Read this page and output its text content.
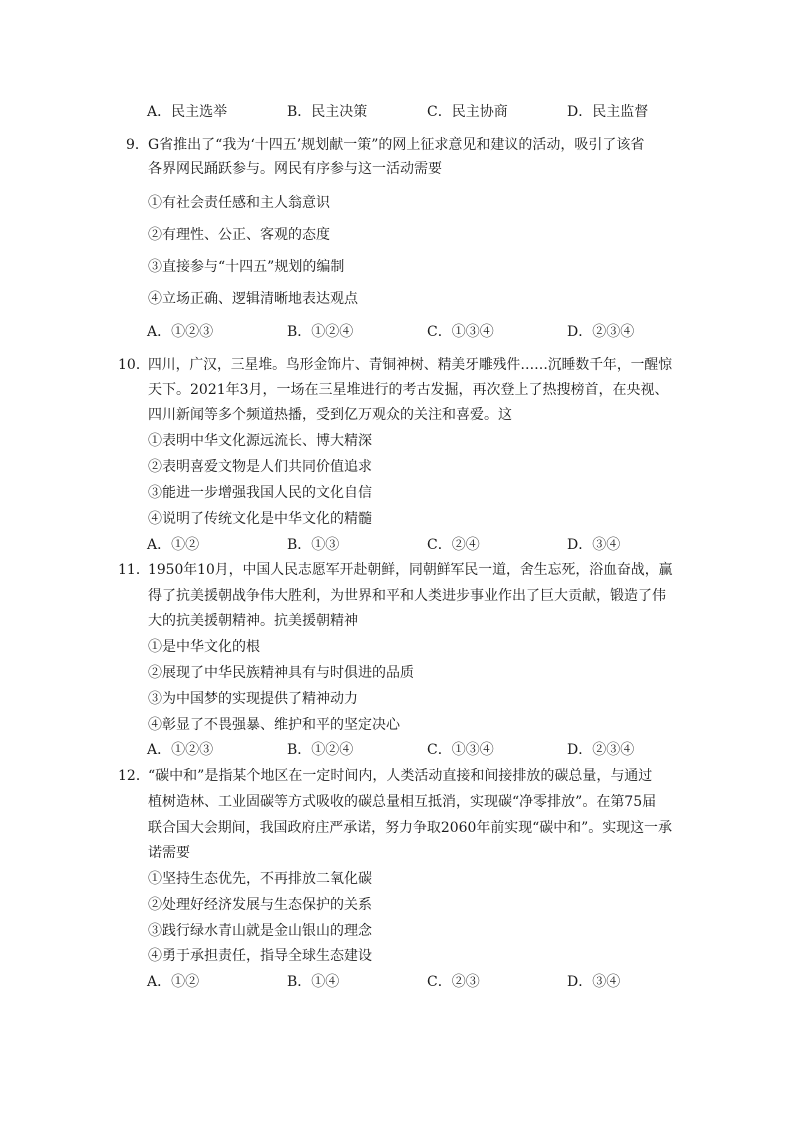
A．民主选举	B．民主决策	C．民主协商	D．民主监督
9． G省推出了“我为‘十四五’规划献一策”的网上征求意见和建议的活动，吸引了该省
各界网民踊跃参与。网民有序参与这一活动需要
①有社会责任感和主人翁意识
②有理性、公正、客观的态度
③直接参与“十四五”规划的编制
④立场正确、逻辑清晰地表达观点
A．①②③	B．①②④	C．①③④	D．②③④
10．
四川，广汉，三星堆。鸟形金饰片、青铜神树、精美牙雕残件……沉睡数千年，一醒惊
天下。2021年3月，一场在三星堆进行的考古发掘，再次登上了热搜榜首，在央视、
四川新闻等多个频道热播，受到亿万观众的关注和喜爱。这
①表明中华文化源远流长、博大精深
②表明喜爱文物是人们共同价值追求
③能进一步增强我国人民的文化自信
④说明了传统文化是中华文化的精髓
A．①②	B．①③	C．②④	D．③④
11．
1950年10月，中国人民志愿军开赴朝鲜，同朝鲜军民一道，舍生忘死，浴血奋战，赢
得了抗美援朝战争伟大胜利，为世界和平和人类进步事业作出了巨大贡献，锻造了伟
大的抗美援朝精神。抗美援朝精神
①是中华文化的根
②展现了中华民族精神具有与时俱进的品质
③为中国梦的实现提供了精神动力
④彰显了不畏强暴、维护和平的坚定决心
A．①②③	B．①②④	C．①③④	D．②③④
12．
“碳中和”是指某个地区在一定时间内，人类活动直接和间接排放的碳总量，与通过
植树造林、工业固碳等方式吸收的碳总量相互抵消，实现碳“净零排放”。在第75届
联合国大会期间，我国政府庄严承诺，努力争取2060年前实现“碳中和”。实现这一承
诺需要
①坚持生态优先，不再排放二氧化碳
②处理好经济发展与生态保护的关系
③践行绿水青山就是金山银山的理念
④勇于承担责任，指导全球生态建设
A．①②	B．①④	C．②③	D．③④
